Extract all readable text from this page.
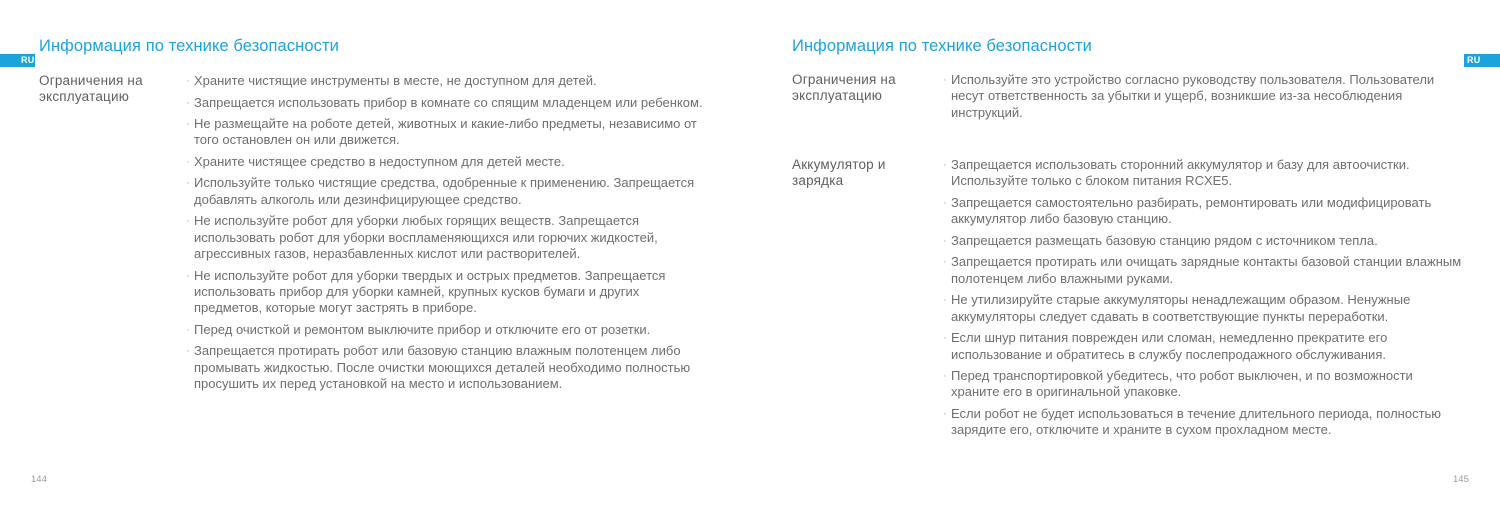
RU
Информация по технике безопасности
Ограничения на эксплуатацию
· Храните чистящие инструменты в месте, не доступном для детей.
· Запрещается использовать прибор в комнате со спящим младенцем или ребенком.
· Не размещайте на роботе детей, животных и какие-либо предметы, независимо от того остановлен он или движется.
· Храните чистящее средство в недоступном для детей месте.
· Используйте только чистящие средства, одобренные к применению. Запрещается добавлять алкоголь или дезинфицирующее средство.
· Не используйте робот для уборки любых горящих веществ. Запрещается использовать робот для уборки воспламеняющихся или горючих жидкостей, агрессивных газов, неразбавленных кислот или растворителей.
· Не используйте робот для уборки твердых и острых предметов. Запрещается использовать прибор для уборки камней, крупных кусков бумаги и других предметов, которые могут застрять в приборе.
· Перед очисткой и ремонтом выключите прибор и отключите его от розетки.
· Запрещается протирать робот или базовую станцию влажным полотенцем либо промывать жидкостью. После очистки моющихся деталей необходимо полностью просушить их перед установкой на место и использованием.
144
RU
Информация по технике безопасности
Ограничения на эксплуатацию
· Используйте это устройство согласно руководству пользователя. Пользователи несут ответственность за убытки и ущерб, возникшие из-за несоблюдения инструкций.
Аккумулятор и зарядка
· Запрещается использовать сторонний аккумулятор и базу для автоочистки. Используйте только с блоком питания RCXE5.
· Запрещается самостоятельно разбирать, ремонтировать или модифицировать аккумулятор либо базовую станцию.
· Запрещается размещать базовую станцию рядом с источником тепла.
· Запрещается протирать или очищать зарядные контакты базовой станции влажным полотенцем либо влажными руками.
· Не утилизируйте старые аккумуляторы ненадлежащим образом. Ненужные аккумуляторы следует сдавать в соответствующие пункты переработки.
· Если шнур питания поврежден или сломан, немедленно прекратите его использование и обратитесь в службу послепродажного обслуживания.
· Перед транспортировкой убедитесь, что робот выключен, и по возможности храните его в оригинальной упаковке.
· Если робот не будет использоваться в течение длительного периода, полностью зарядите его, отключите и храните в сухом прохладном месте.
145
